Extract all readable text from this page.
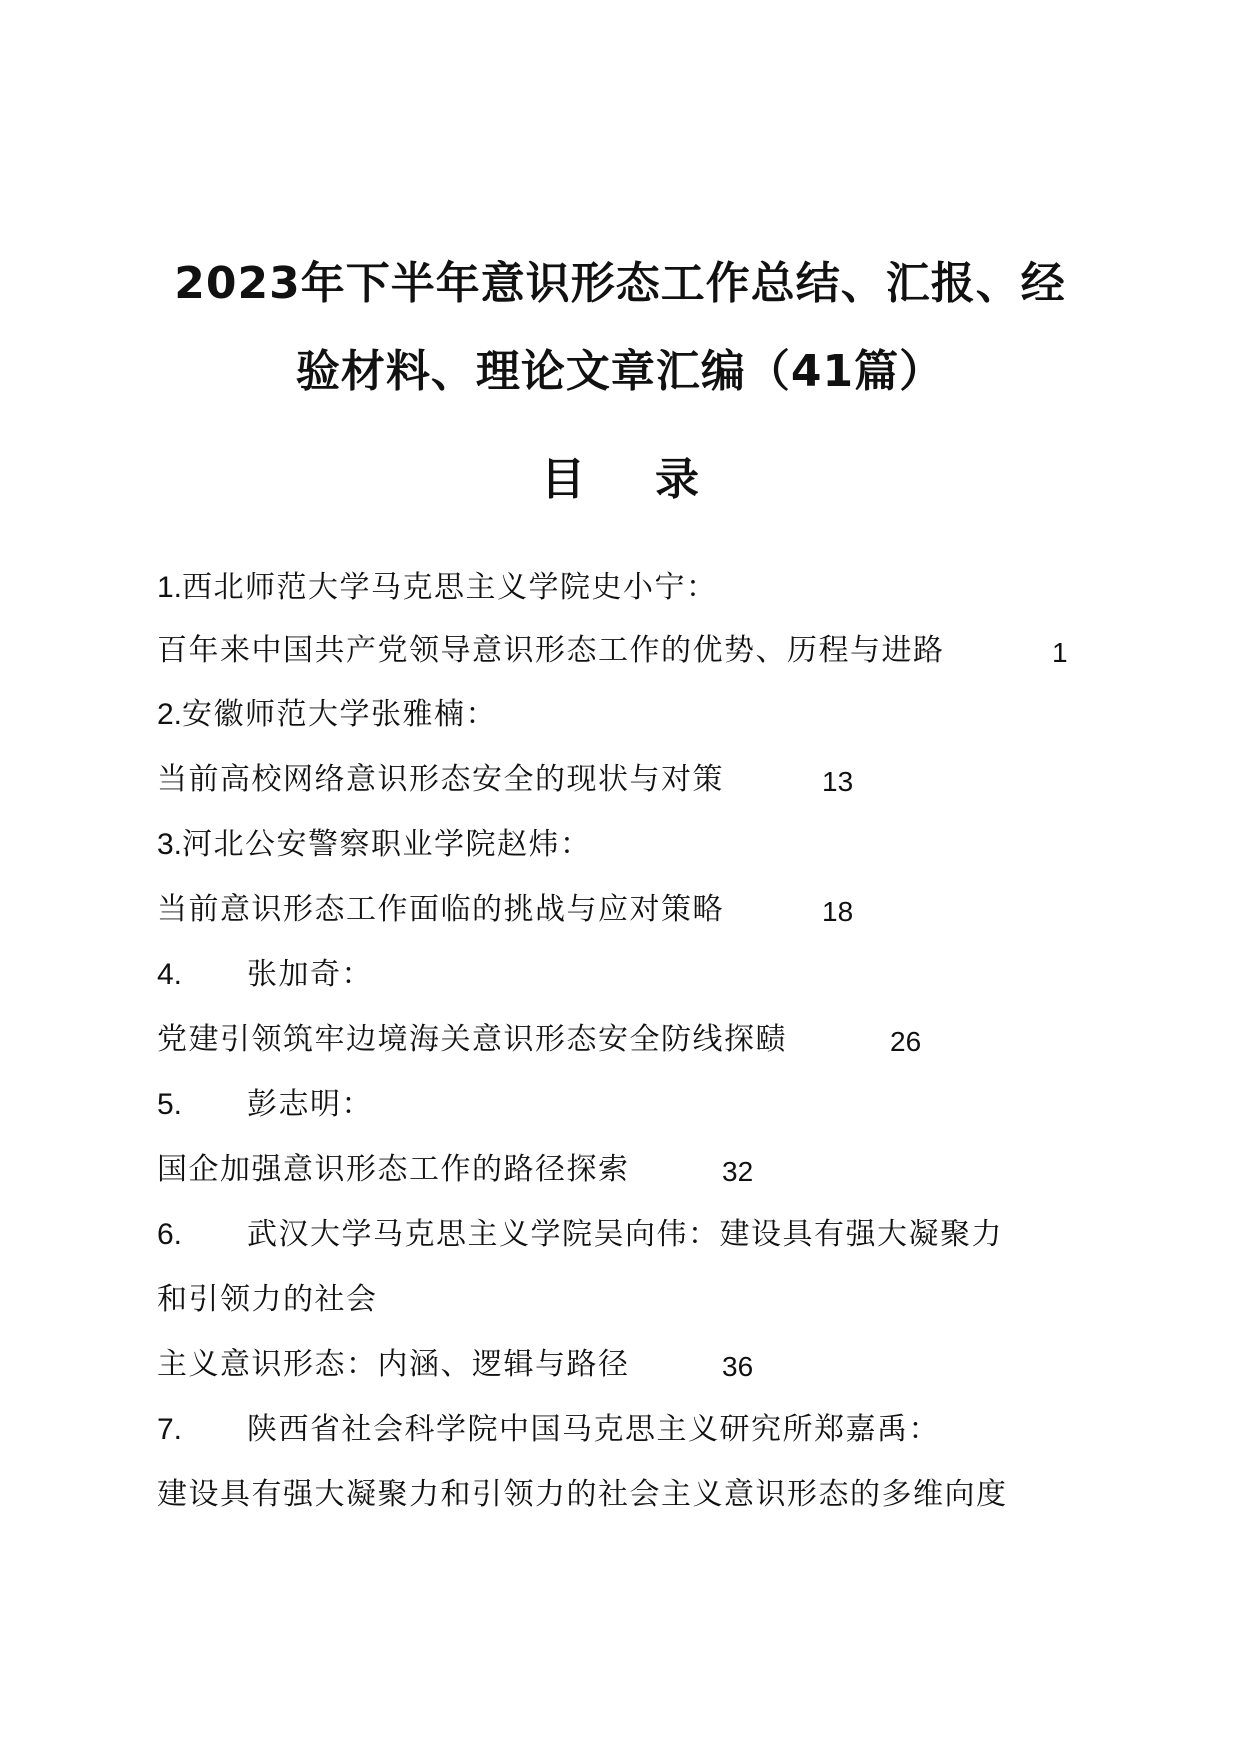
2023年下半年意识形态工作总结、汇报、经
验材料、理论文章汇编（41篇）
目 录
1.西北师范大学马克思主义学院史小宁：
百年来中国共产党领导意识形态工作的优势、历程与进路	1
2.安徽师范大学张雅楠：
当前高校网络意识形态安全的现状与对策	13
3.河北公安警察职业学院赵炜：
当前意识形态工作面临的挑战与应对策略	18
4. 张加奇：
党建引领筑牢边境海关意识形态安全防线探赜	26
5. 彭志明：
国企加强意识形态工作的路径探索	32
6. 武汉大学马克思主义学院吴向伟：建设具有强大凝聚力
和引领力的社会
主义意识形态：内涵、逻辑与路径	36
7. 陕西省社会科学院中国马克思主义研究所郑嘉禹：
建设具有强大凝聚力和引领力的社会主义意识形态的多维向度
